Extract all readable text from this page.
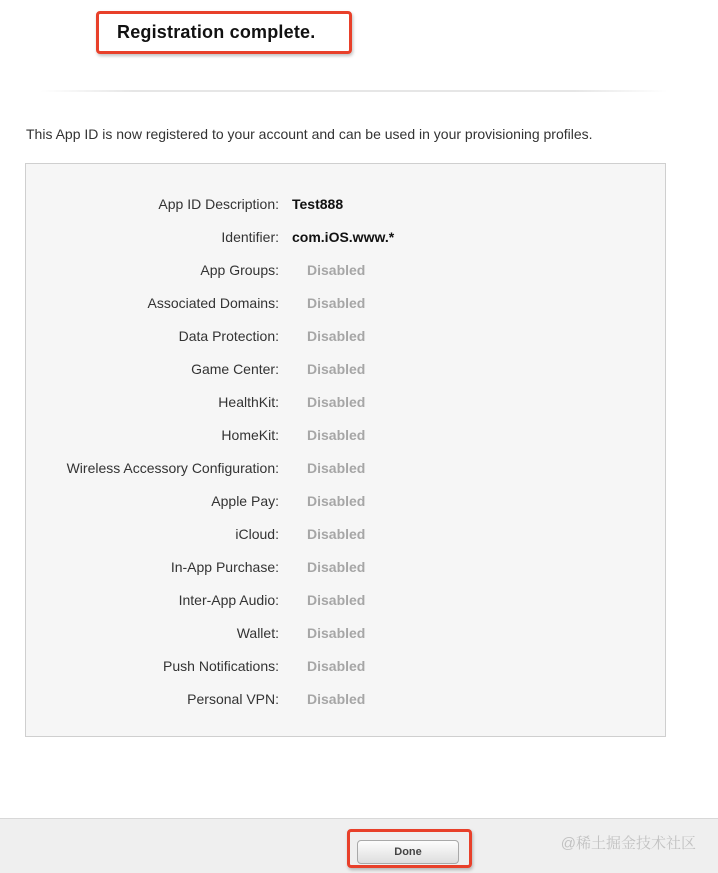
Registration complete.
This App ID is now registered to your account and can be used in your provisioning profiles.
App ID Description: Test888
Identifier: com.iOS.www.*
App Groups: Disabled
Associated Domains: Disabled
Data Protection: Disabled
Game Center: Disabled
HealthKit: Disabled
HomeKit: Disabled
Wireless Accessory Configuration: Disabled
Apple Pay: Disabled
iCloud: Disabled
In-App Purchase: Disabled
Inter-App Audio: Disabled
Wallet: Disabled
Push Notifications: Disabled
Personal VPN: Disabled
Done	@稀土掘金技术社区
